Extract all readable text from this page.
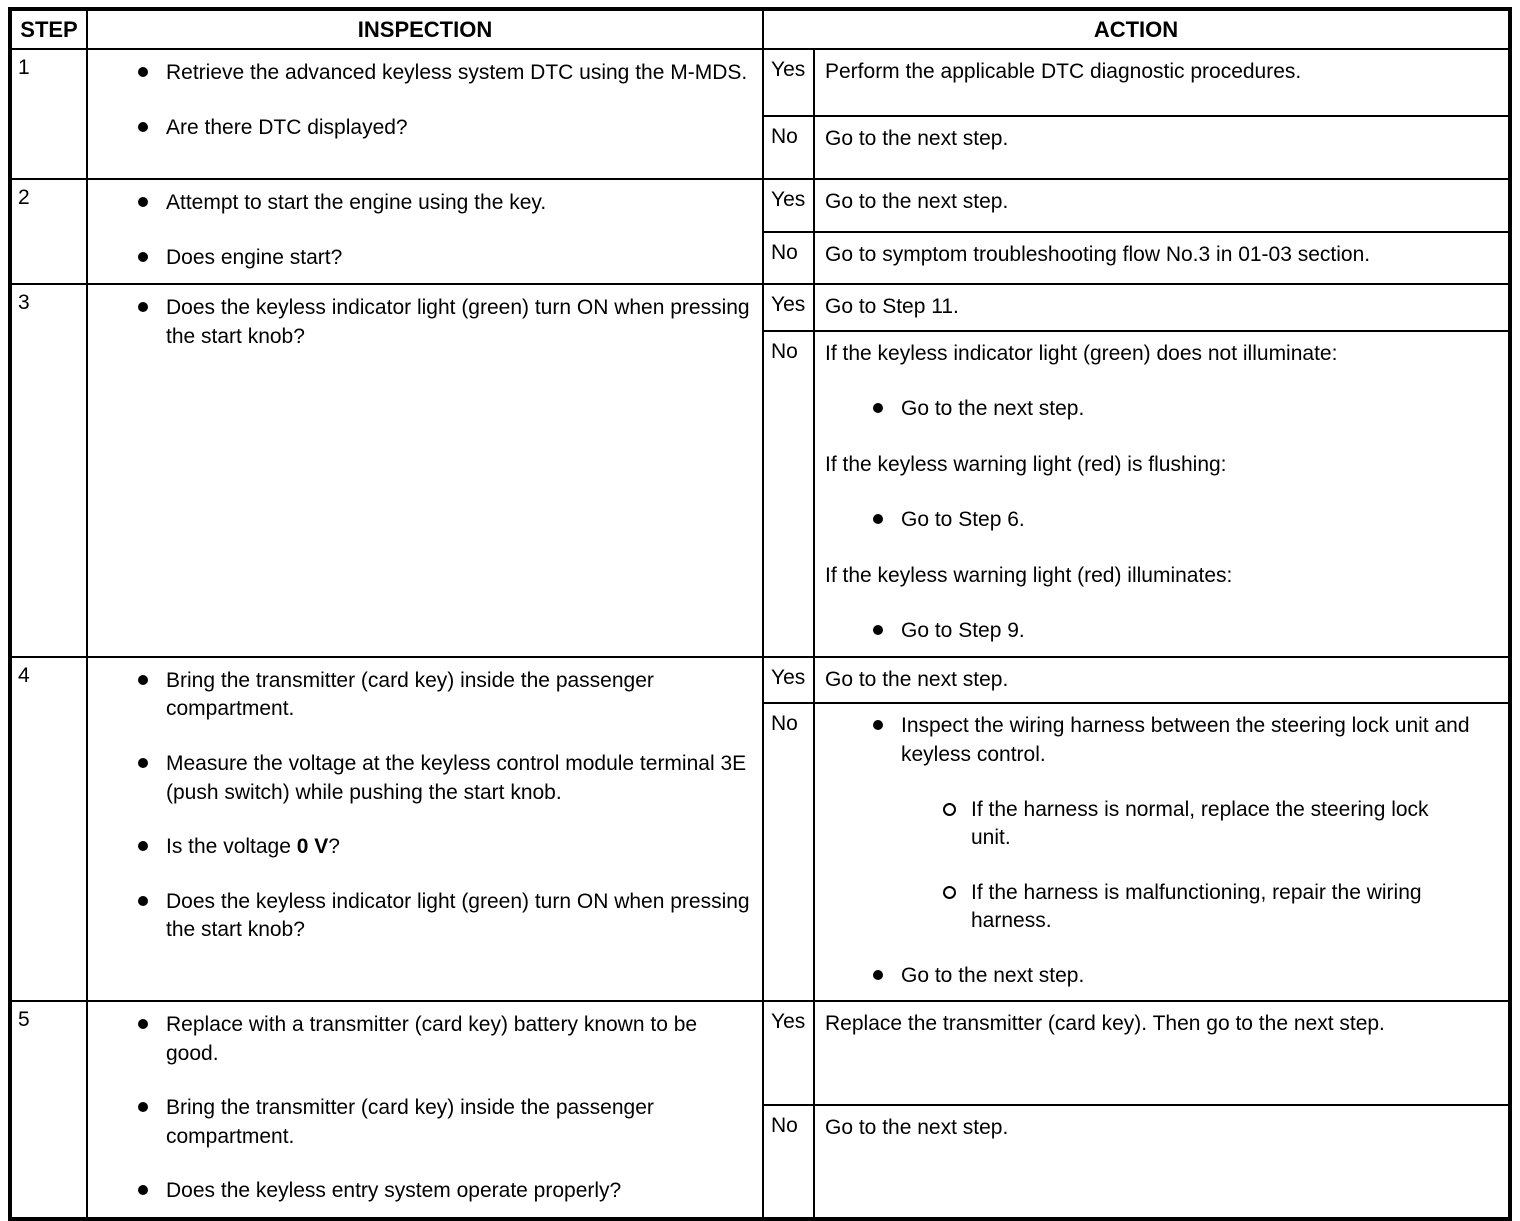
STEP	INSPECTION	ACTION	
1	Retrieve the advanced keyless system DTC using the M-MDS.
Are there DTC displayed?	Yes	Perform the applicable DTC diagnostic procedures.

		No	Go to the next step.

2	Attempt to start the engine using the key.
Does engine start?	Yes	Go to the next step.

		No	Go to symptom troubleshooting flow No.3 in 01-03 section.

3	Does the keyless indicator light (green) turn ON when pressing the start knob?	Yes	Go to Step 11.

No	If the keyless indicator light (green) does not illuminate:
Go to the next step.
If the keyless warning light (red) is flushing:
Go to Step 6.
If the keyless warning light (red) illuminates:
Go to Step 9.

4	Bring the transmitter (card key) inside the passenger compartment.
Measure the voltage at the keyless control module terminal 3E (push switch) while pushing the start knob.
Is the voltage 0 V?
Does the keyless indicator light (green) turn ON when pressing the start knob?	Yes	Go to the next step.

		No	Inspect the wiring harness between the steering lock unit and keyless control.
If the harness is normal, replace the steering lock unit.
If the harness is malfunctioning, repair the wiring harness.
Go to the next step.

5	Replace with a transmitter (card key) battery known to be good.
Bring the transmitter (card key) inside the passenger compartment.
Does the keyless entry system operate properly?	Yes	Replace the transmitter (card key). Then go to the next step.

		No	Go to the next step.
